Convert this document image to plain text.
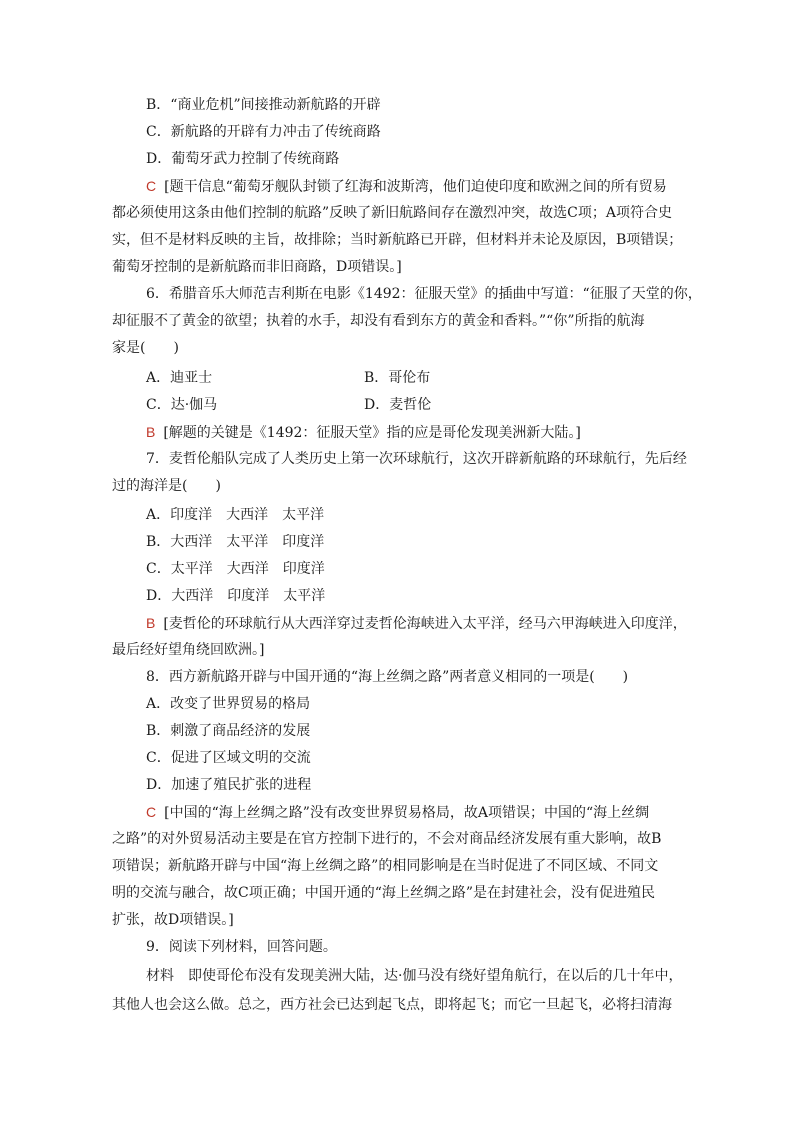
B．“商业危机”间接推动新航路的开辟
C．新航路的开辟有力冲击了传统商路
D．葡萄牙武力控制了传统商路
C [题干信息“葡萄牙舰队封锁了红海和波斯湾，他们迫使印度和欧洲之间的所有贸易
都必须使用这条由他们控制的航路”反映了新旧航路间存在激烈冲突，故选C项；A项符合史
实，但不是材料反映的主旨，故排除；当时新航路已开辟，但材料并未论及原因，B项错误；
葡萄牙控制的是新航路而非旧商路，D项错误。]
6．希腊音乐大师范吉利斯在电影《1492：征服天堂》的插曲中写道：“征服了天堂的你，
却征服不了黄金的欲望；执着的水手，却没有看到东方的黄金和香料。”“你”所指的航海
家是(　　)
A．迪亚士	B．哥伦布
C．达·伽马	D．麦哲伦
B [解题的关键是《1492：征服天堂》指的应是哥伦发现美洲新大陆。]
7．麦哲伦船队完成了人类历史上第一次环球航行，这次开辟新航路的环球航行，先后经
过的海洋是(　　)
A．印度洋　大西洋　太平洋
B．大西洋　太平洋　印度洋
C．太平洋　大西洋　印度洋
D．大西洋　印度洋　太平洋
B [麦哲伦的环球航行从大西洋穿过麦哲伦海峡进入太平洋，经马六甲海峡进入印度洋，
最后经好望角绕回欧洲。]
8．西方新航路开辟与中国开通的“海上丝绸之路”两者意义相同的一项是(　　)
A．改变了世界贸易的格局
B．刺激了商品经济的发展
C．促进了区域文明的交流
D．加速了殖民扩张的进程
C [中国的“海上丝绸之路”没有改变世界贸易格局，故A项错误；中国的“海上丝绸
之路”的对外贸易活动主要是在官方控制下进行的，不会对商品经济发展有重大影响，故B
项错误；新航路开辟与中国“海上丝绸之路”的相同影响是在当时促进了不同区域、不同文
明的交流与融合，故C项正确；中国开通的“海上丝绸之路”是在封建社会，没有促进殖民
扩张，故D项错误。]
9．阅读下列材料，回答问题。
材料　即使哥伦布没有发现美洲大陆，达·伽马没有绕好望角航行，在以后的几十年中，
其他人也会这么做。总之，西方社会已达到起飞点，即将起飞；而它一旦起飞，必将扫清海
